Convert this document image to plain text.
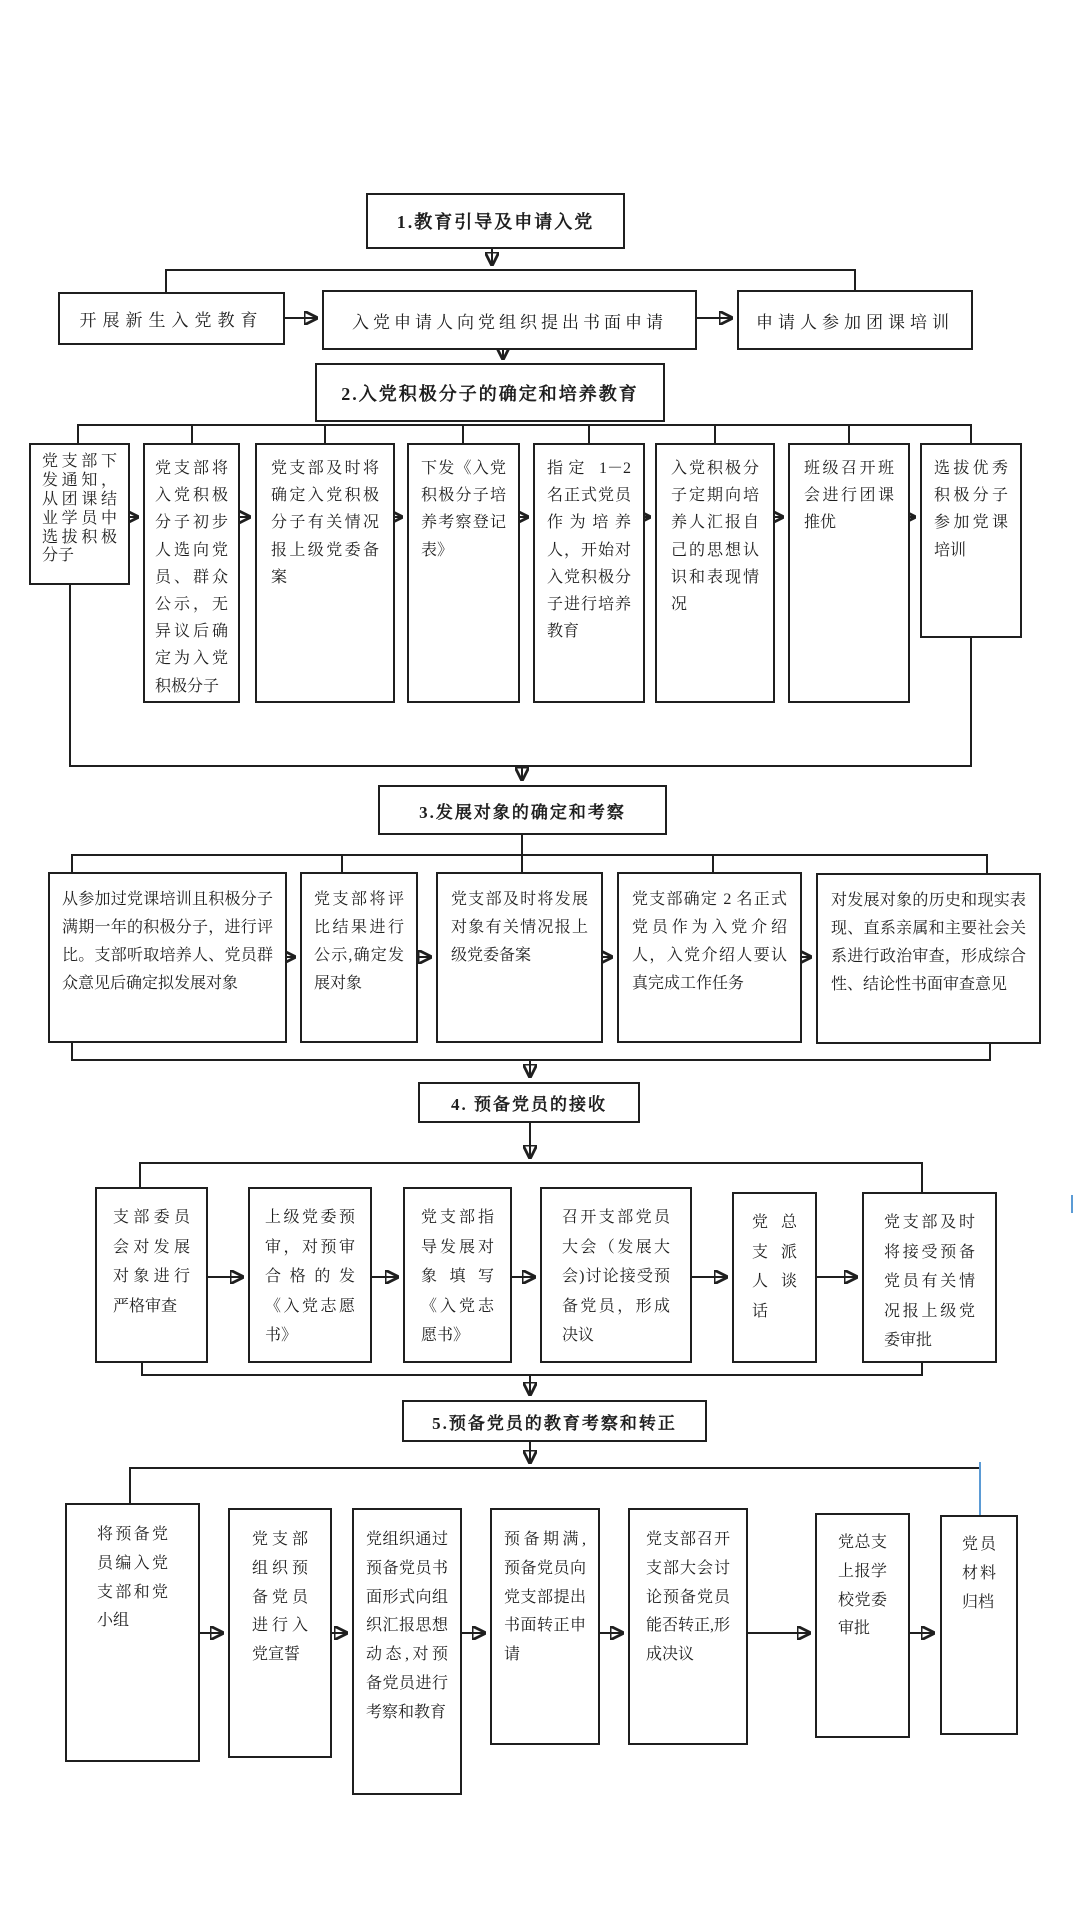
1.教育引导及申请入党
2.入党积极分子的确定和培养教育
3.发展对象的确定和考察
4. 预备党员的接收
5.预备党员的教育考察和转正
开展新生入党教育	入党申请人向党组织提出书面申请	申请人参加团课培训
党支部下发通知，从团课结业学员中选拔积极分子
党支部将入党积极分子初步人选向党员、群众公示，无异议后确定为入党积极分子
党支部及时将确定入党积极分子有关情况报上级党委备案
下发《入党积极分子培养考察登记表》
指定 1－2 名正式党员作为培养人，开始对入党积极分子进行培养教育
入党积极分子定期向培养人汇报自己的思想认识和表现情况
班级召开班会进行团课推优
选拔优秀积极分子参加党课培训
从参加过党课培训且积极分子满期一年的积极分子，进行评比。支部听取培养人、党员群众意见后确定拟发展对象
党支部将评比结果进行公示,确定发展对象
党支部及时将发展对象有关情况报上级党委备案
党支部确定 2 名正式党员作为入党介绍人，入党介绍人要认真完成工作任务
对发展对象的历史和现实表现、直系亲属和主要社会关系进行政治审查，形成综合性、结论性书面审查意见
支部委员会对发展对象进行严格审查
上级党委预审，对预审合格的发《入党志愿书》
党支部指导发展对象填写《入党志愿书》
召开支部党员大会（发展大会)讨论接受预备党员，形成决议
党总支派人谈话
党支部及时将接受预备党员有关情况报上级党委审批
将预备党员编入党支部和党小组
党支部组织预备党员进行入党宣誓
党组织通过预备党员书面形式向组织汇报思想动态,对预备党员进行考察和教育
预备期满,预备党员向党支部提出书面转正申请
党支部召开支部大会讨论预备党员能否转正,形成决议
党总支上报学校党委审批
党员材料归档
